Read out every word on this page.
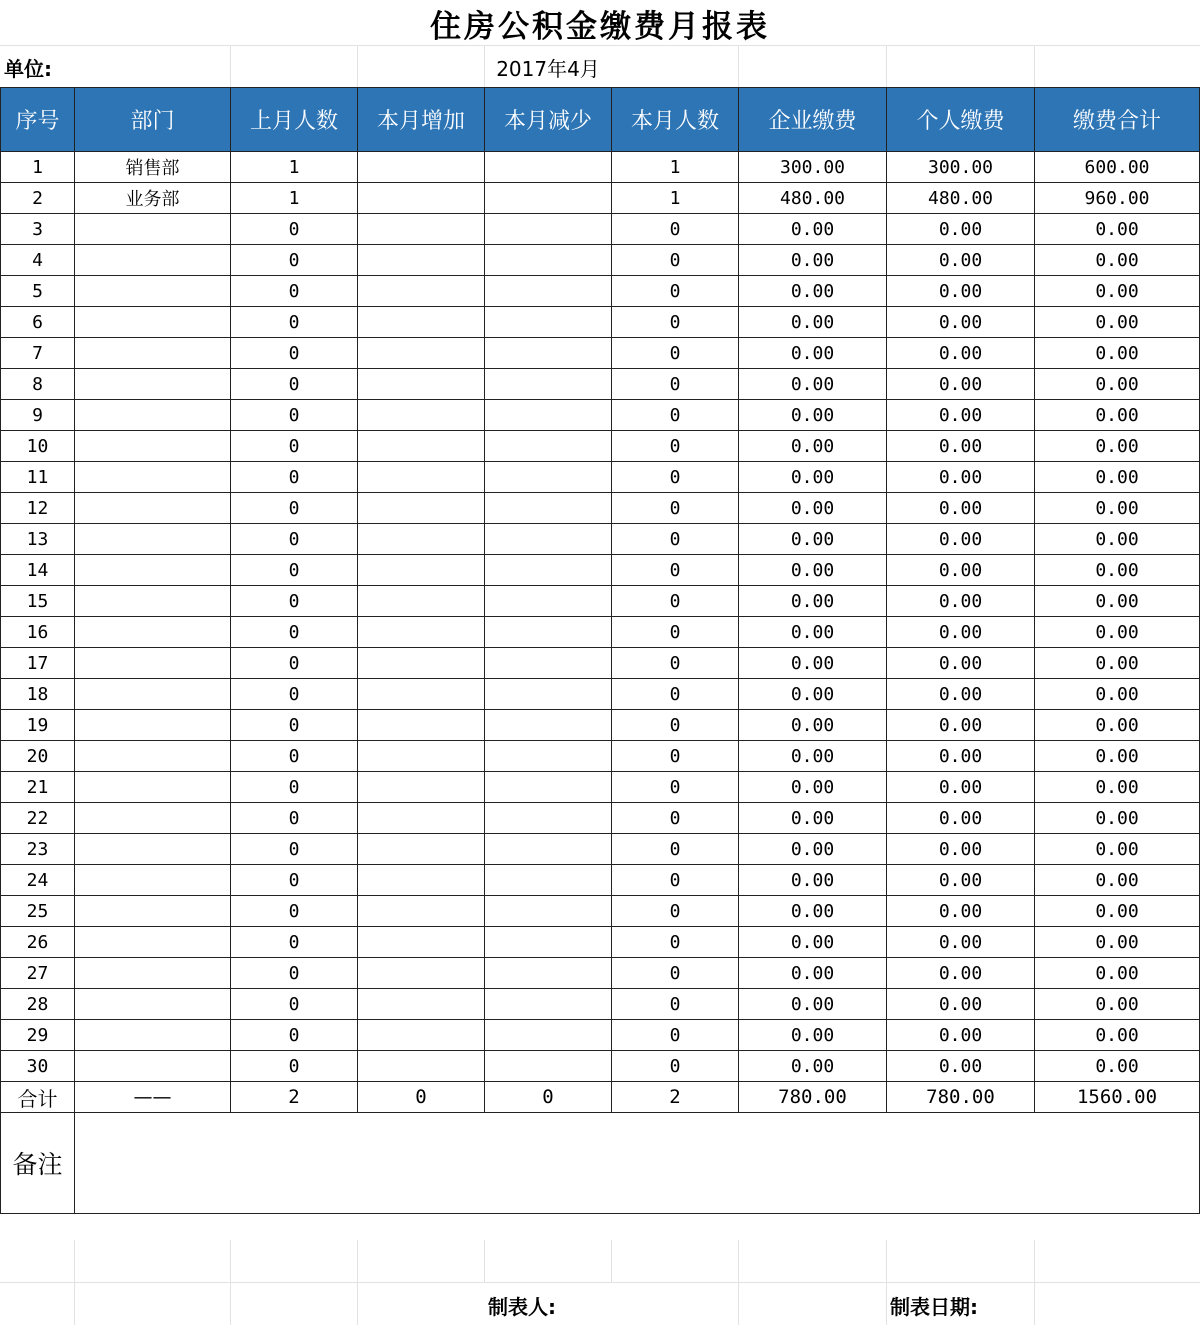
住房公积金缴费月报表
单位:	2017年4月
序号	部门	上月人数	本月增加	本月减少	本月人数	企业缴费	个人缴费	缴费合计
1	销售部	1			1	300.00	300.00	600.00
2	业务部	1			1	480.00	480.00	960.00
3		0			0	0.00	0.00	0.00
4		0			0	0.00	0.00	0.00
5		0			0	0.00	0.00	0.00
6		0			0	0.00	0.00	0.00
7		0			0	0.00	0.00	0.00
8		0			0	0.00	0.00	0.00
9		0			0	0.00	0.00	0.00
10		0			0	0.00	0.00	0.00
11		0			0	0.00	0.00	0.00
12		0			0	0.00	0.00	0.00
13		0			0	0.00	0.00	0.00
14		0			0	0.00	0.00	0.00
15		0			0	0.00	0.00	0.00
16		0			0	0.00	0.00	0.00
17		0			0	0.00	0.00	0.00
18		0			0	0.00	0.00	0.00
19		0			0	0.00	0.00	0.00
20		0			0	0.00	0.00	0.00
21		0			0	0.00	0.00	0.00
22		0			0	0.00	0.00	0.00
23		0			0	0.00	0.00	0.00
24		0			0	0.00	0.00	0.00
25		0			0	0.00	0.00	0.00
26		0			0	0.00	0.00	0.00
27		0			0	0.00	0.00	0.00
28		0			0	0.00	0.00	0.00
29		0			0	0.00	0.00	0.00
30		0			0	0.00	0.00	0.00
合计	——	2	0	0	2	780.00	780.00	1560.00
备注								
制表人:	制表日期:
